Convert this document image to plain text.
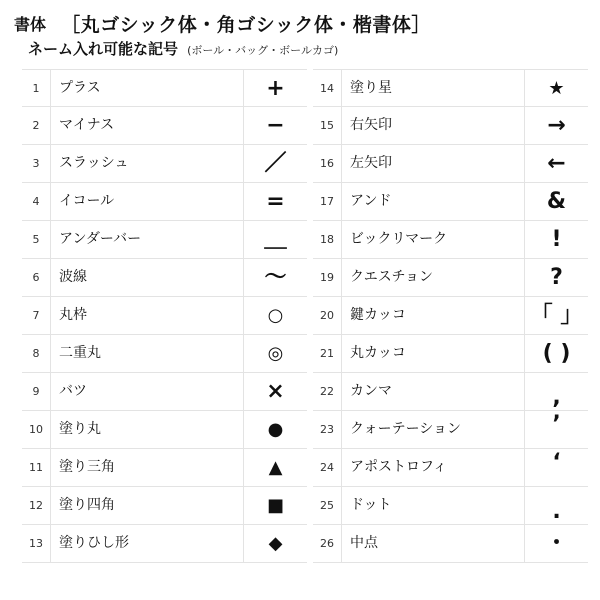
書体 ［丸ゴシック体・角ゴシック体・楷書体］
ネーム入れ可能な記号 (ボール・バッグ・ボールカゴ)
1	プラス	+
2	マイナス	−
3	スラッシュ	／
4	イコール	=
5	アンダーバー	＿
6	波線	〜
7	丸枠	○
8	二重丸	◎
9	バツ	×
10	塗り丸	●
11	塗り三角	▲
12	塗り四角	■
13	塗りひし形	◆
14	塗り星	★
15	右矢印	→
16	左矢印	←
17	アンド	&
18	ビックリマーク	!
19	クエスチョン	?
20	鍵カッコ	「 」
21	丸カッコ	( )
22	カンマ	,
23	クォーテーション	’
24	アポストロフィ	‘
25	ドット	.
26	中点	・
